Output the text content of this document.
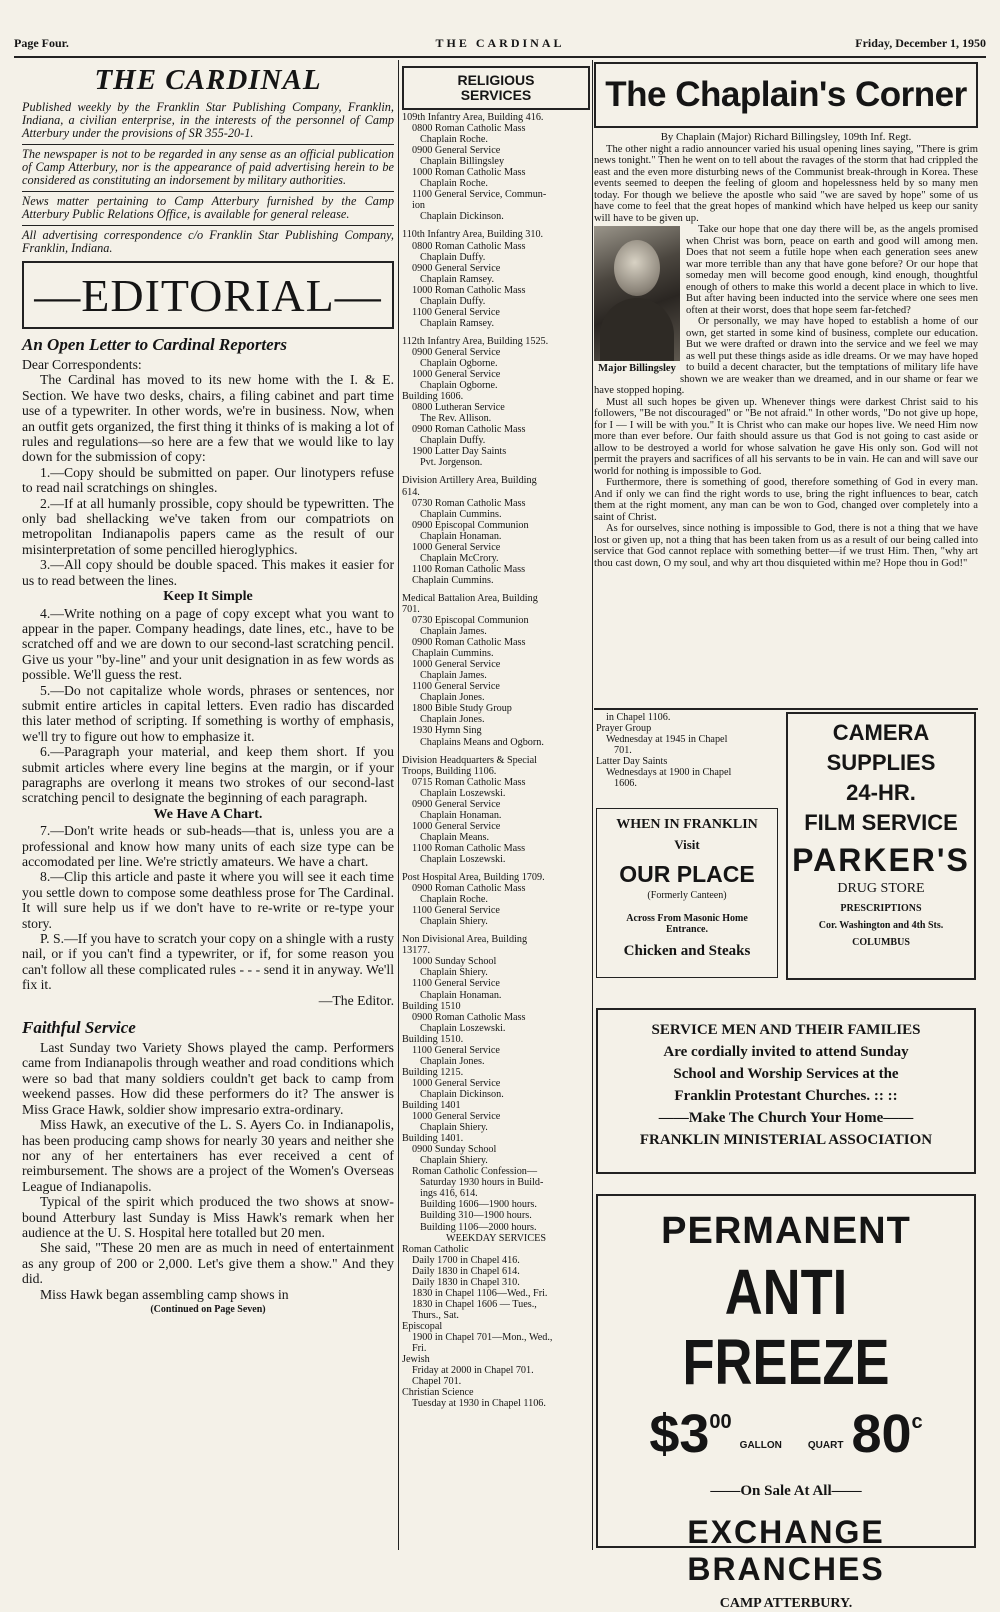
Page Four.	THE CARDINAL	Friday, December 1, 1950
THE CARDINAL

Published weekly by the Franklin Star Publishing Company, Franklin, Indiana, a civilian enterprise, in the interests of the personnel of Camp Atterbury under the provisions of SR 355-20-1.

The newspaper is not to be regarded in any sense as an official publication of Camp Atterbury, nor is the appearance of paid advertising herein to be considered as constituting an indorsement by military authorities.

News matter pertaining to Camp Atterbury furnished by the Camp Atterbury Public Relations Office, is available for general release.

All advertising correspondence c/o Franklin Star Publishing Company, Franklin, Indiana.

—EDITORIAL—
An Open Letter to Cardinal Reporters

Dear Correspondents:

The Cardinal has moved to its new home with the I. & E. Section. We have two desks, chairs, a filing cabinet and part time use of a typewriter. In other words, we're in business. Now, when an outfit gets organized, the first thing it thinks of is making a lot of rules and regulations—so here are a few that we would like to lay down for the submission of copy:

1.—Copy should be submitted on paper. Our linotypers refuse to read nail scratchings on shingles.

2.—If at all humanly prossible, copy should be typewritten. The only bad shellacking we've taken from our compatriots on metropolitan Indianapolis papers came as the result of our misinterpretation of some pencilled hieroglyphics.

3.—All copy should be double spaced. This makes it easier for us to read between the lines.

Keep It Simple

4.—Write nothing on a page of copy except what you want to appear in the paper. Company headings, date lines, etc., have to be scratched off and we are down to our second-last scratching pencil. Give us your "by-line" and your unit designation in as few words as possible. We'll guess the rest.

5.—Do not capitalize whole words, phrases or sentences, nor submit entire articles in capital letters. Even radio has discarded this later method of scripting. If something is worthy of emphasis, we'll try to figure out how to emphasize it.

6.—Paragraph your material, and keep them short. If you submit articles where every line begins at the margin, or if your paragraphs are overlong it means two strokes of our second-last scratching pencil to designate the beginning of each paragraph.

We Have A Chart.

7.—Don't write heads or sub-heads—that is, unless you are a professional and know how many units of each size type can be accomodated per line. We're strictly amateurs. We have a chart.

8.—Clip this article and paste it where you will see it each time you settle down to compose some deathless prose for The Cardinal. It will sure help us if we don't have to re-write or re-type your story.

P. S.—If you have to scratch your copy on a shingle with a rusty nail, or if you can't find a typewriter, or if, for some reason you can't follow all these complicated rules - - - send it in anyway. We'll fix it.

—The Editor.
Faithful Service

Last Sunday two Variety Shows played the camp. Performers came from Indianapolis through weather and road conditions which were so bad that many soldiers couldn't get back to camp from weekend passes. How did these performers do it? The answer is Miss Grace Hawk, soldier show impresario extra-ordinary.

Miss Hawk, an executive of the L. S. Ayers Co. in Indianapolis, has been producing camp shows for nearly 30 years and neither she nor any of her entertainers has ever received a cent of reimbursement. The shows are a project of the Women's Overseas League of Indianapolis.

Typical of the spirit which produced the two shows at snow-bound Atterbury last Sunday is Miss Hawk's remark when her audience at the U. S. Hospital here totalled but 20 men.

She said, "These 20 men are as much in need of entertainment as any group of 200 or 2,000. Let's give them a show." And they did.

Miss Hawk began assembling camp shows in

(Continued on Page Seven)
RELIGIOUS
SERVICES
109th Infantry Area, Building 416.
0800 Roman Catholic Mass
Chaplain Roche.
0900 General Service
Chaplain Billingsley
1000 Roman Catholic Mass
Chaplain Roche.
1100 General Service, Commun-
ion
Chaplain Dickinson.
110th Infantry Area, Building 310.
0800 Roman Catholic Mass
Chaplain Duffy.
0900 General Service
Chaplain Ramsey.
1000 Roman Catholic Mass
Chaplain Duffy.
1100 General Service
Chaplain Ramsey.
112th Infantry Area, Building 1525.
0900 General Service
Chaplain Ogborne.
1000 General Service
Chaplain Ogborne.
Building 1606.
0800 Lutheran Service
The Rev. Allison.
0900 Roman Catholic Mass
Chaplain Duffy.
1900 Latter Day Saints
Pvt. Jorgenson.
Division Artillery Area, Building
614.
0730 Roman Catholic Mass
Chaplain Cummins.
0900 Episcopal Communion
Chaplain Honaman.
1000 General Service
Chaplain McCrory.
1100 Roman Catholic Mass
Chaplain Cummins.
Medical Battalion Area, Building
701.
0730 Episcopal Communion
Chaplain James.
0900 Roman Catholic Mass
Chaplain Cummins.
1000 General Service
Chaplain James.
1100 General Service
Chaplain Jones.
1800 Bible Study Group
Chaplain Jones.
1930 Hymn Sing
Chaplains Means and Ogborn.
Division Headquarters & Special
Troops, Building 1106.
0715 Roman Catholic Mass
Chaplain Loszewski.
0900 General Service
Chaplain Honaman.
1000 General Service
Chaplain Means.
1100 Roman Catholic Mass
Chaplain Loszewski.
Post Hospital Area, Building 1709.
0900 Roman Catholic Mass
Chaplain Roche.
1100 General Service
Chaplain Shiery.
Non Divisional Area, Building
13177.
1000 Sunday School
Chaplain Shiery.
1100 General Service
Chaplain Honaman.
Building 1510
0900 Roman Catholic Mass
Chaplain Loszewski.
Building 1510.
1100 General Service
Chaplain Jones.
Building 1215.
1000 General Service
Chaplain Dickinson.
Building 1401
1000 General Service
Chaplain Shiery.
Building 1401.
0900 Sunday School
Chaplain Shiery.
Roman Catholic Confession—
Saturday 1930 hours in Build-
ings 416, 614.
Building 1606—1900 hours.
Building 310—1900 hours.
Building 1106—2000 hours.
WEEKDAY SERVICES
Roman Catholic
Daily 1700 in Chapel 416.
Daily 1830 in Chapel 614.
Daily 1830 in Chapel 310.
1830 in Chapel 1106—Wed., Fri.
1830 in Chapel 1606 — Tues.,
Thurs., Sat.
Episcopal
1900 in Chapel 701—Mon., Wed.,
Fri.
Jewish
Friday at 2000 in Chapel 701.
Chapel 701.
Christian Science
Tuesday at 1930 in Chapel 1106.
The Chaplain's Corner
By Chaplain (Major) Richard Billingsley, 109th Inf. Regt.

The other night a radio announcer varied his usual opening lines saying, "There is grim news tonight." Then he went on to tell about the ravages of the storm that had crippled the east and the even more disturbing news of the Communist break-through in Korea. These events seemed to deepen the feeling of gloom and hopelessness held by so many men today. For though we believe the apostle who said "we are saved by hope" some of us have come to feel that the great hopes of mankind which have helped us keep our sanity will have to be given up.

Major Billingsley

Take our hope that one day there will be, as the angels promised when Christ was born, peace on earth and good will among men. Does that not seem a futile hope when each generation sees anew war more terrible than any that have gone before? Or our hope that someday men will become good enough, kind enough, thoughtful enough of others to make this world a decent place in which to live. But after having been inducted into the service where one sees men often at their worst, does that hope seem far-fetched?

Or personally, we may have hoped to establish a home of our own, get started in some kind of business, complete our education. But we were drafted or drawn into the service and we feel we may as well put these things aside as idle dreams. Or we may have hoped to build a decent character, but the temptations of military life have shown we are weaker than we dreamed, and in our shame or fear we have stopped hoping.

Must all such hopes be given up. Whenever things were darkest Christ said to his followers, "Be not discouraged" or "Be not afraid." In other words, "Do not give up hope, for I — I will be with you." It is Christ who can make our hopes live. We need Him now more than ever before. Our faith should assure us that God is not going to cast aside or allow to be destroyed a world for whose salvation he gave His only son. God will not permit the prayers and sacrifices of all his servants to be in vain. He can and will save our world for nothing is impossible to God.

Furthermore, there is something of good, therefore something of God in every man. And if only we can find the right words to use, bring the right influences to bear, catch them at the right moment, any man can be won to God, changed over completely into a saint of Christ.

As for ourselves, since nothing is impossible to God, there is not a thing that we have lost or given up, not a thing that has been taken from us as a result of our being called into service that God cannot replace with something better—if we trust Him. Then, "why art thou cast down, O my soul, and why art thou disquieted within me? Hope thou in God!"

in Chapel 1106.
Prayer Group
Wednesday at 1945 in Chapel
701.
Latter Day Saints
Wednesdays at 1900 in Chapel
1606.
WHEN IN FRANKLIN
Visit
OUR PLACE
(Formerly Canteen)
Across From Masonic Home
Entrance.
Chicken and Steaks
CAMERA
SUPPLIES
24-HR.
FILM SERVICE
PARKER'S
DRUG STORE
PRESCRIPTIONS
Cor. Washington and 4th Sts.
COLUMBUS
SERVICE MEN AND THEIR FAMILIES
Are cordially invited to attend Sunday
School and Worship Services at the
Franklin Protestant Churches. :: ::
——Make The Church Your Home——
FRANKLIN MINISTERIAL ASSOCIATION
PERMANENT
ANTI FREEZE
$3 00
GALLON	QUART 80 c
——On Sale At All——
EXCHANGE BRANCHES
CAMP ATTERBURY.
